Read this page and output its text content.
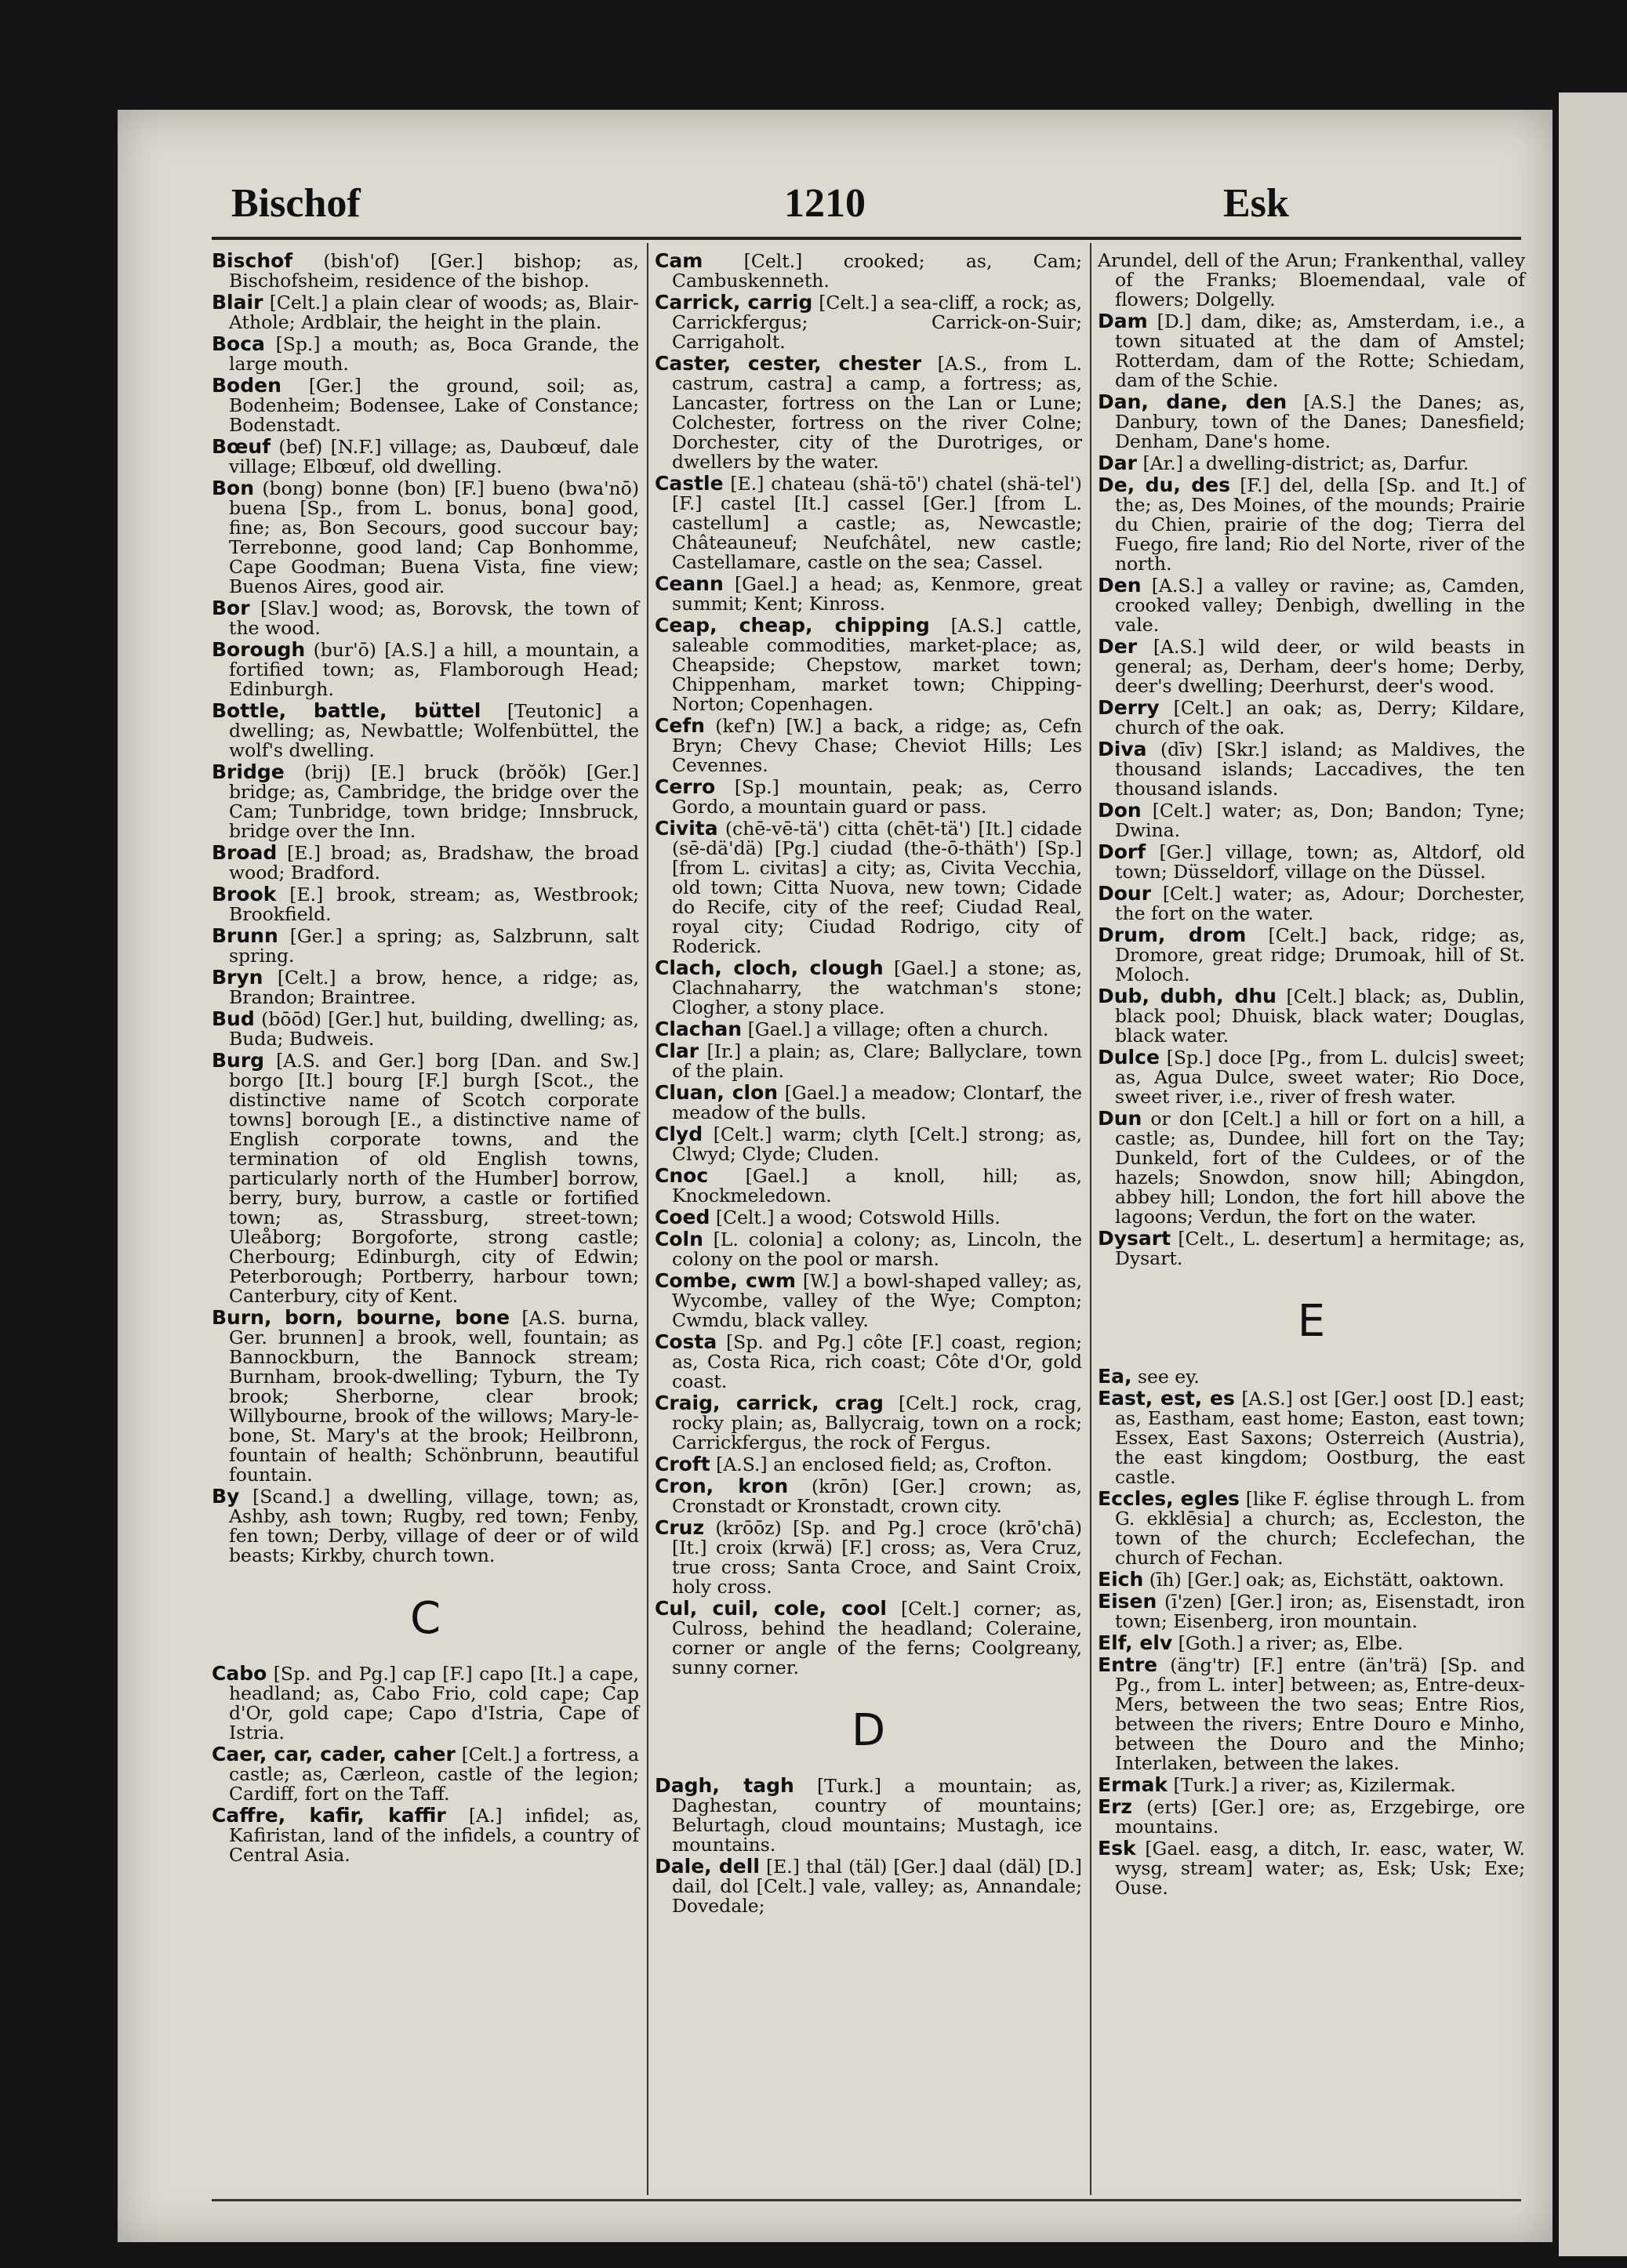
Bischof	1210	Esk
Bischof (bish'of) [Ger.] bishop; as, Bischofsheim, residence of the bishop.
Blair [Celt.] a plain clear of woods; as, Blair-Athole; Ardblair, the height in the plain.
Boca [Sp.] a mouth; as, Boca Grande, the large mouth.
Boden [Ger.] the ground, soil; as, Bodenheim; Bodensee, Lake of Constance; Bodenstadt.
Bœuf (bef) [N.F.] village; as, Daubœuf, dale village; Elbœuf, old dwelling.
Bon (bong) bonne (bon) [F.] bueno (bwa'nō) buena [Sp., from L. bonus, bona] good, fine; as, Bon Secours, good succour bay; Terrebonne, good land; Cap Bonhomme, Cape Goodman; Buena Vista, fine view; Buenos Aires, good air.
Bor [Slav.] wood; as, Borovsk, the town of the wood.
Borough (bur'ō) [A.S.] a hill, a mountain, a fortified town; as, Flamborough Head; Edinburgh.
Bottle, battle, büttel [Teutonic] a dwelling; as, Newbattle; Wolfenbüttel, the wolf's dwelling.
Bridge (brij) [E.] bruck (brŏŏk) [Ger.] bridge; as, Cambridge, the bridge over the Cam; Tunbridge, town bridge; Innsbruck, bridge over the Inn.
Broad [E.] broad; as, Bradshaw, the broad wood; Bradford.
Brook [E.] brook, stream; as, Westbrook; Brookfield.
Brunn [Ger.] a spring; as, Salzbrunn, salt spring.
Bryn [Celt.] a brow, hence, a ridge; as, Brandon; Braintree.
Bud (bōōd) [Ger.] hut, building, dwelling; as, Buda; Budweis.
Burg [A.S. and Ger.] borg [Dan. and Sw.] borgo [It.] bourg [F.] burgh [Scot., the distinctive name of Scotch corporate towns] borough [E., a distinctive name of English corporate towns, and the termination of old English towns, particularly north of the Humber] borrow, berry, bury, burrow, a castle or fortified town; as, Strassburg, street-town; Uleåborg; Borgoforte, strong castle; Cherbourg; Edinburgh, city of Edwin; Peterborough; Portberry, harbour town; Canterbury, city of Kent.
Burn, born, bourne, bone [A.S. burna, Ger. brunnen] a brook, well, fountain; as Bannockburn, the Bannock stream; Burnham, brook-dwelling; Tyburn, the Ty brook; Sherborne, clear brook; Willybourne, brook of the willows; Mary-le-bone, St. Mary's at the brook; Heilbronn, fountain of health; Schönbrunn, beautiful fountain.
By [Scand.] a dwelling, village, town; as, Ashby, ash town; Rugby, red town; Fenby, fen town; Derby, village of deer or of wild beasts; Kirkby, church town.
C
Cabo [Sp. and Pg.] cap [F.] capo [It.] a cape, headland; as, Cabo Frio, cold cape; Cap d'Or, gold cape; Capo d'Istria, Cape of Istria.
Caer, car, cader, caher [Celt.] a fortress, a castle; as, Cærleon, castle of the legion; Cardiff, fort on the Taff.
Caffre, kafir, kaffir [A.] infidel; as, Kafiristan, land of the infidels, a country of Central Asia.
Cam [Celt.] crooked; as, Cam; Cambuskenneth.
Carrick, carrig [Celt.] a sea-cliff, a rock; as, Carrickfergus; Carrick-on-Suir; Carrigaholt.
Caster, cester, chester [A.S., from L. castrum, castra] a camp, a fortress; as, Lancaster, fortress on the Lan or Lune; Colchester, fortress on the river Colne; Dorchester, city of the Durotriges, or dwellers by the water.
Castle [E.] chateau (shä-tō') chatel (shä-tel') [F.] castel [It.] cassel [Ger.] [from L. castellum] a castle; as, Newcastle; Châteauneuf; Neufchâtel, new castle; Castellamare, castle on the sea; Cassel.
Ceann [Gael.] a head; as, Kenmore, great summit; Kent; Kinross.
Ceap, cheap, chipping [A.S.] cattle, saleable commodities, market-place; as, Cheapside; Chepstow, market town; Chippenham, market town; Chipping-Norton; Copenhagen.
Cefn (kef'n) [W.] a back, a ridge; as, Cefn Bryn; Chevy Chase; Cheviot Hills; Les Cevennes.
Cerro [Sp.] mountain, peak; as, Cerro Gordo, a mountain guard or pass.
Civita (chē-vē-tä') citta (chēt-tä') [It.] cidade (sē-dä'dä) [Pg.] ciudad (the-ō-thäth') [Sp.] [from L. civitas] a city; as, Civita Vecchia, old town; Citta Nuova, new town; Cidade do Recife, city of the reef; Ciudad Real, royal city; Ciudad Rodrigo, city of Roderick.
Clach, cloch, clough [Gael.] a stone; as, Clachnaharry, the watchman's stone; Clogher, a stony place.
Clachan [Gael.] a village; often a church.
Clar [Ir.] a plain; as, Clare; Ballyclare, town of the plain.
Cluan, clon [Gael.] a meadow; Clontarf, the meadow of the bulls.
Clyd [Celt.] warm; clyth [Celt.] strong; as, Clwyd; Clyde; Cluden.
Cnoc [Gael.] a knoll, hill; as, Knockmeledown.
Coed [Celt.] a wood; Cotswold Hills.
Coln [L. colonia] a colony; as, Lincoln, the colony on the pool or marsh.
Combe, cwm [W.] a bowl-shaped valley; as, Wycombe, valley of the Wye; Compton; Cwmdu, black valley.
Costa [Sp. and Pg.] côte [F.] coast, region; as, Costa Rica, rich coast; Côte d'Or, gold coast.
Craig, carrick, crag [Celt.] rock, crag, rocky plain; as, Ballycraig, town on a rock; Carrickfergus, the rock of Fergus.
Croft [A.S.] an enclosed field; as, Crofton.
Cron, kron (krōn) [Ger.] crown; as, Cronstadt or Kronstadt, crown city.
Cruz (krōōz) [Sp. and Pg.] croce (krō'chā) [It.] croix (krwä) [F.] cross; as, Vera Cruz, true cross; Santa Croce, and Saint Croix, holy cross.
Cul, cuil, cole, cool [Celt.] corner; as, Culross, behind the headland; Coleraine, corner or angle of the ferns; Coolgreany, sunny corner.
D
Dagh, tagh [Turk.] a mountain; as, Daghestan, country of mountains; Belurtagh, cloud mountains; Mustagh, ice mountains.
Dale, dell [E.] thal (täl) [Ger.] daal (däl) [D.] dail, dol [Celt.] vale, valley; as, Annandale; Dovedale;
Arundel, dell of the Arun; Frankenthal, valley of the Franks; Bloemendaal, vale of flowers; Dolgelly.
Dam [D.] dam, dike; as, Amsterdam, i.e., a town situated at the dam of Amstel; Rotterdam, dam of the Rotte; Schiedam, dam of the Schie.
Dan, dane, den [A.S.] the Danes; as, Danbury, town of the Danes; Danesfield; Denham, Dane's home.
Dar [Ar.] a dwelling-district; as, Darfur.
De, du, des [F.] del, della [Sp. and It.] of the; as, Des Moines, of the mounds; Prairie du Chien, prairie of the dog; Tierra del Fuego, fire land; Rio del Norte, river of the north.
Den [A.S.] a valley or ravine; as, Camden, crooked valley; Denbigh, dwelling in the vale.
Der [A.S.] wild deer, or wild beasts in general; as, Derham, deer's home; Derby, deer's dwelling; Deerhurst, deer's wood.
Derry [Celt.] an oak; as, Derry; Kildare, church of the oak.
Diva (dīv) [Skr.] island; as Maldives, the thousand islands; Laccadives, the ten thousand islands.
Don [Celt.] water; as, Don; Bandon; Tyne; Dwina.
Dorf [Ger.] village, town; as, Altdorf, old town; Düsseldorf, village on the Düssel.
Dour [Celt.] water; as, Adour; Dorchester, the fort on the water.
Drum, drom [Celt.] back, ridge; as, Dromore, great ridge; Drumoak, hill of St. Moloch.
Dub, dubh, dhu [Celt.] black; as, Dublin, black pool; Dhuisk, black water; Douglas, black water.
Dulce [Sp.] doce [Pg., from L. dulcis] sweet; as, Agua Dulce, sweet water; Rio Doce, sweet river, i.e., river of fresh water.
Dun or don [Celt.] a hill or fort on a hill, a castle; as, Dundee, hill fort on the Tay; Dunkeld, fort of the Culdees, or of the hazels; Snowdon, snow hill; Abingdon, abbey hill; London, the fort hill above the lagoons; Verdun, the fort on the water.
Dysart [Celt., L. desertum] a hermitage; as, Dysart.
E
Ea, see ey.
East, est, es [A.S.] ost [Ger.] oost [D.] east; as, Eastham, east home; Easton, east town; Essex, East Saxons; Osterreich (Austria), the east kingdom; Oostburg, the east castle.
Eccles, egles [like F. église through L. from G. ekklēsia] a church; as, Eccleston, the town of the church; Ecclefechan, the church of Fechan.
Eich (īh) [Ger.] oak; as, Eichstätt, oaktown.
Eisen (ī'zen) [Ger.] iron; as, Eisenstadt, iron town; Eisenberg, iron mountain.
Elf, elv [Goth.] a river; as, Elbe.
Entre (äng'tr) [F.] entre (än'trä) [Sp. and Pg., from L. inter] between; as, Entre-deux-Mers, between the two seas; Entre Rios, between the rivers; Entre Douro e Minho, between the Douro and the Minho; Interlaken, between the lakes.
Ermak [Turk.] a river; as, Kizilermak.
Erz (erts) [Ger.] ore; as, Erzgebirge, ore mountains.
Esk [Gael. easg, a ditch, Ir. easc, water, W. wysg, stream] water; as, Esk; Usk; Exe; Ouse.
